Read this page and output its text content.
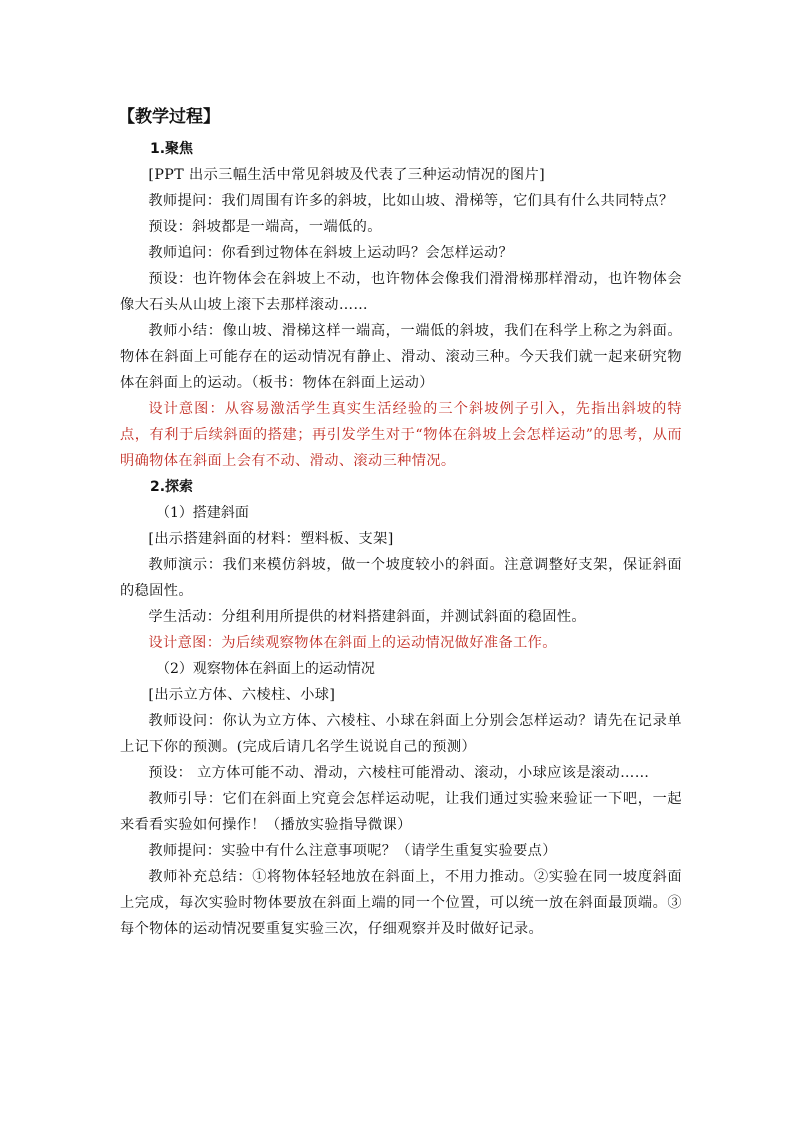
【教学过程】
1.聚焦

[PPT 出示三幅生活中常见斜坡及代表了三种运动情况的图片]

教师提问：我们周围有许多的斜坡，比如山坡、滑梯等，它们具有什么共同特点？

预设：斜坡都是一端高，一端低的。

教师追问：你看到过物体在斜坡上运动吗？会怎样运动？

预设：也许物体会在斜坡上不动，也许物体会像我们滑滑梯那样滑动，也许物体会像大石头从山坡上滚下去那样滚动……

教师小结：像山坡、滑梯这样一端高，一端低的斜坡，我们在科学上称之为斜面。物体在斜面上可能存在的运动情况有静止、滑动、滚动三种。今天我们就一起来研究物体在斜面上的运动。（板书：物体在斜面上运动）

设计意图：从容易激活学生真实生活经验的三个斜坡例子引入，先指出斜坡的特点，有利于后续斜面的搭建；再引发学生对于“物体在斜坡上会怎样运动”的思考，从而明确物体在斜面上会有不动、滑动、滚动三种情况。

2.探索
（1）搭建斜面

[出示搭建斜面的材料：塑料板、支架]

教师演示：我们来模仿斜坡，做一个坡度较小的斜面。注意调整好支架，保证斜面的稳固性。

学生活动：分组利用所提供的材料搭建斜面，并测试斜面的稳固性。

设计意图：为后续观察物体在斜面上的运动情况做好准备工作。

（2）观察物体在斜面上的运动情况

[出示立方体、六棱柱、小球]

教师设问：你认为立方体、六棱柱、小球在斜面上分别会怎样运动？请先在记录单上记下你的预测。(完成后请几名学生说说自己的预测）

预设： 立方体可能不动、滑动，六棱柱可能滑动、滚动，小球应该是滚动……

教师引导：它们在斜面上究竟会怎样运动呢，让我们通过实验来验证一下吧，一起来看看实验如何操作！（播放实验指导微课）

教师提问：实验中有什么注意事项呢？（请学生重复实验要点）

教师补充总结：①将物体轻轻地放在斜面上，不用力推动。②实验在同一坡度斜面上完成，每次实验时物体要放在斜面上端的同一个位置，可以统一放在斜面最顶端。③每个物体的运动情况要重复实验三次，仔细观察并及时做好记录。
